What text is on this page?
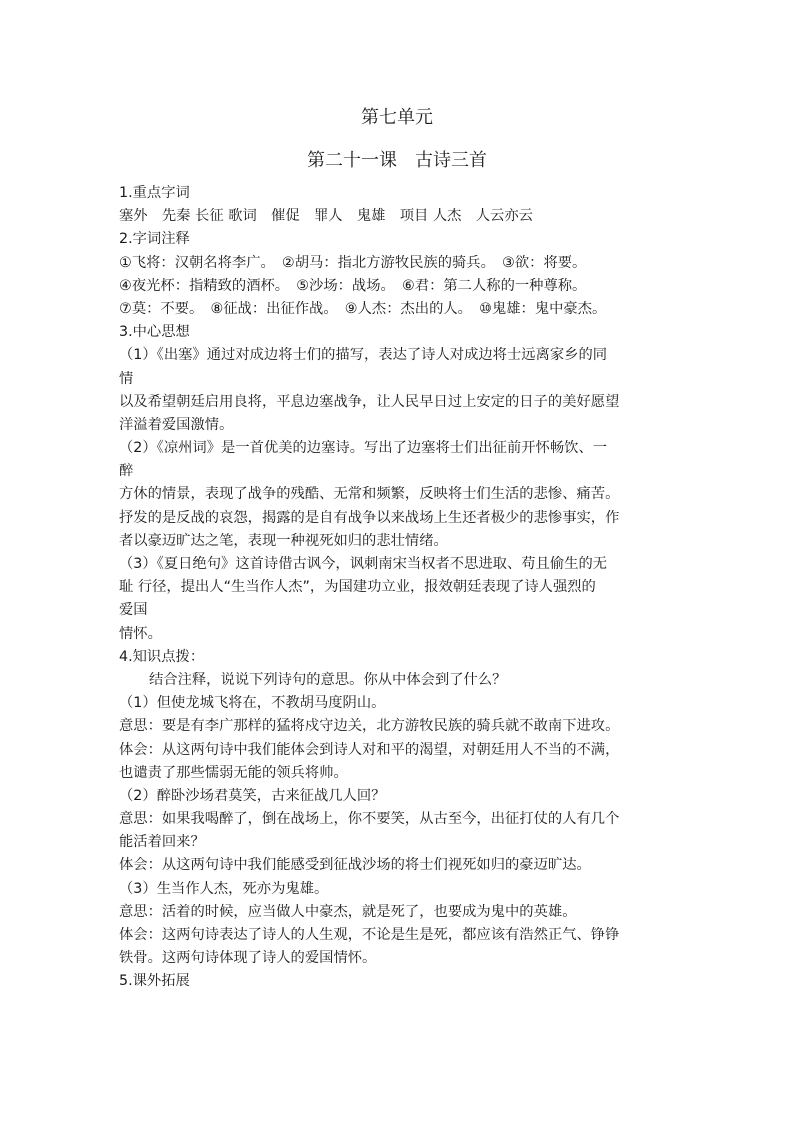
第七单元
第二十一课　古诗三首
1.重点字词
塞外　先秦 长征 歌词　催促　罪人　鬼雄　项目 人杰　人云亦云
2.字词注释
①飞将：汉朝名将李广。　②胡马：指北方游牧民族的骑兵。　③欲：将要。
④夜光杯：指精致的酒杯。　⑤沙场：战场。　⑥君：第二人称的一种尊称。
⑦莫：不要。　⑧征战：出征作战。　⑨人杰：杰出的人。　⑩鬼雄：鬼中豪杰。
3.中心思想
（1）《出塞》通过对成边将士们的描写，表达了诗人对成边将士远离家乡的同
情
以及希望朝廷启用良将，平息边塞战争，让人民早日过上安定的日子的美好愿望
洋溢着爱国激情。
（2）《凉州词》是一首优美的边塞诗。写出了边塞将士们出征前开怀畅饮、一
醉
方休的情景，表现了战争的残酷、无常和频繁，反映将士们生活的悲惨、痛苦。
抒发的是反战的哀怨，揭露的是自有战争以来战场上生还者极少的悲惨事实，作
者以豪迈旷达之笔，表现一种视死如归的悲壮情绪。
（3）《夏日绝句》这首诗借古讽今，讽刺南宋当权者不思进取、苟且偷生的无
耻 行径，提出人“生当作人杰”，为国建功立业，报效朝廷表现了诗人强烈的
爱国
情怀。
4.知识点拨：
结合注释，说说下列诗句的意思。你从中体会到了什么？
（1）但使龙城飞将在，不教胡马度阴山。
意思：要是有李广那样的猛将戍守边关，北方游牧民族的骑兵就不敢南下进攻。
体会：从这两句诗中我们能体会到诗人对和平的渴望，对朝廷用人不当的不满，
也谴责了那些懦弱无能的领兵将帅。
（2）醉卧沙场君莫笑，古来征战几人回？
意思：如果我喝醉了，倒在战场上，你不要笑，从古至今，出征打仗的人有几个
能活着回来？
体会：从这两句诗中我们能感受到征战沙场的将士们视死如归的豪迈旷达。
（3）生当作人杰，死亦为鬼雄。
意思：活着的时候，应当做人中豪杰，就是死了，也要成为鬼中的英雄。
体会：这两句诗表达了诗人的人生观，不论是生是死，都应该有浩然正气、铮铮
铁骨。这两句诗体现了诗人的爱国情怀。
5.课外拓展
